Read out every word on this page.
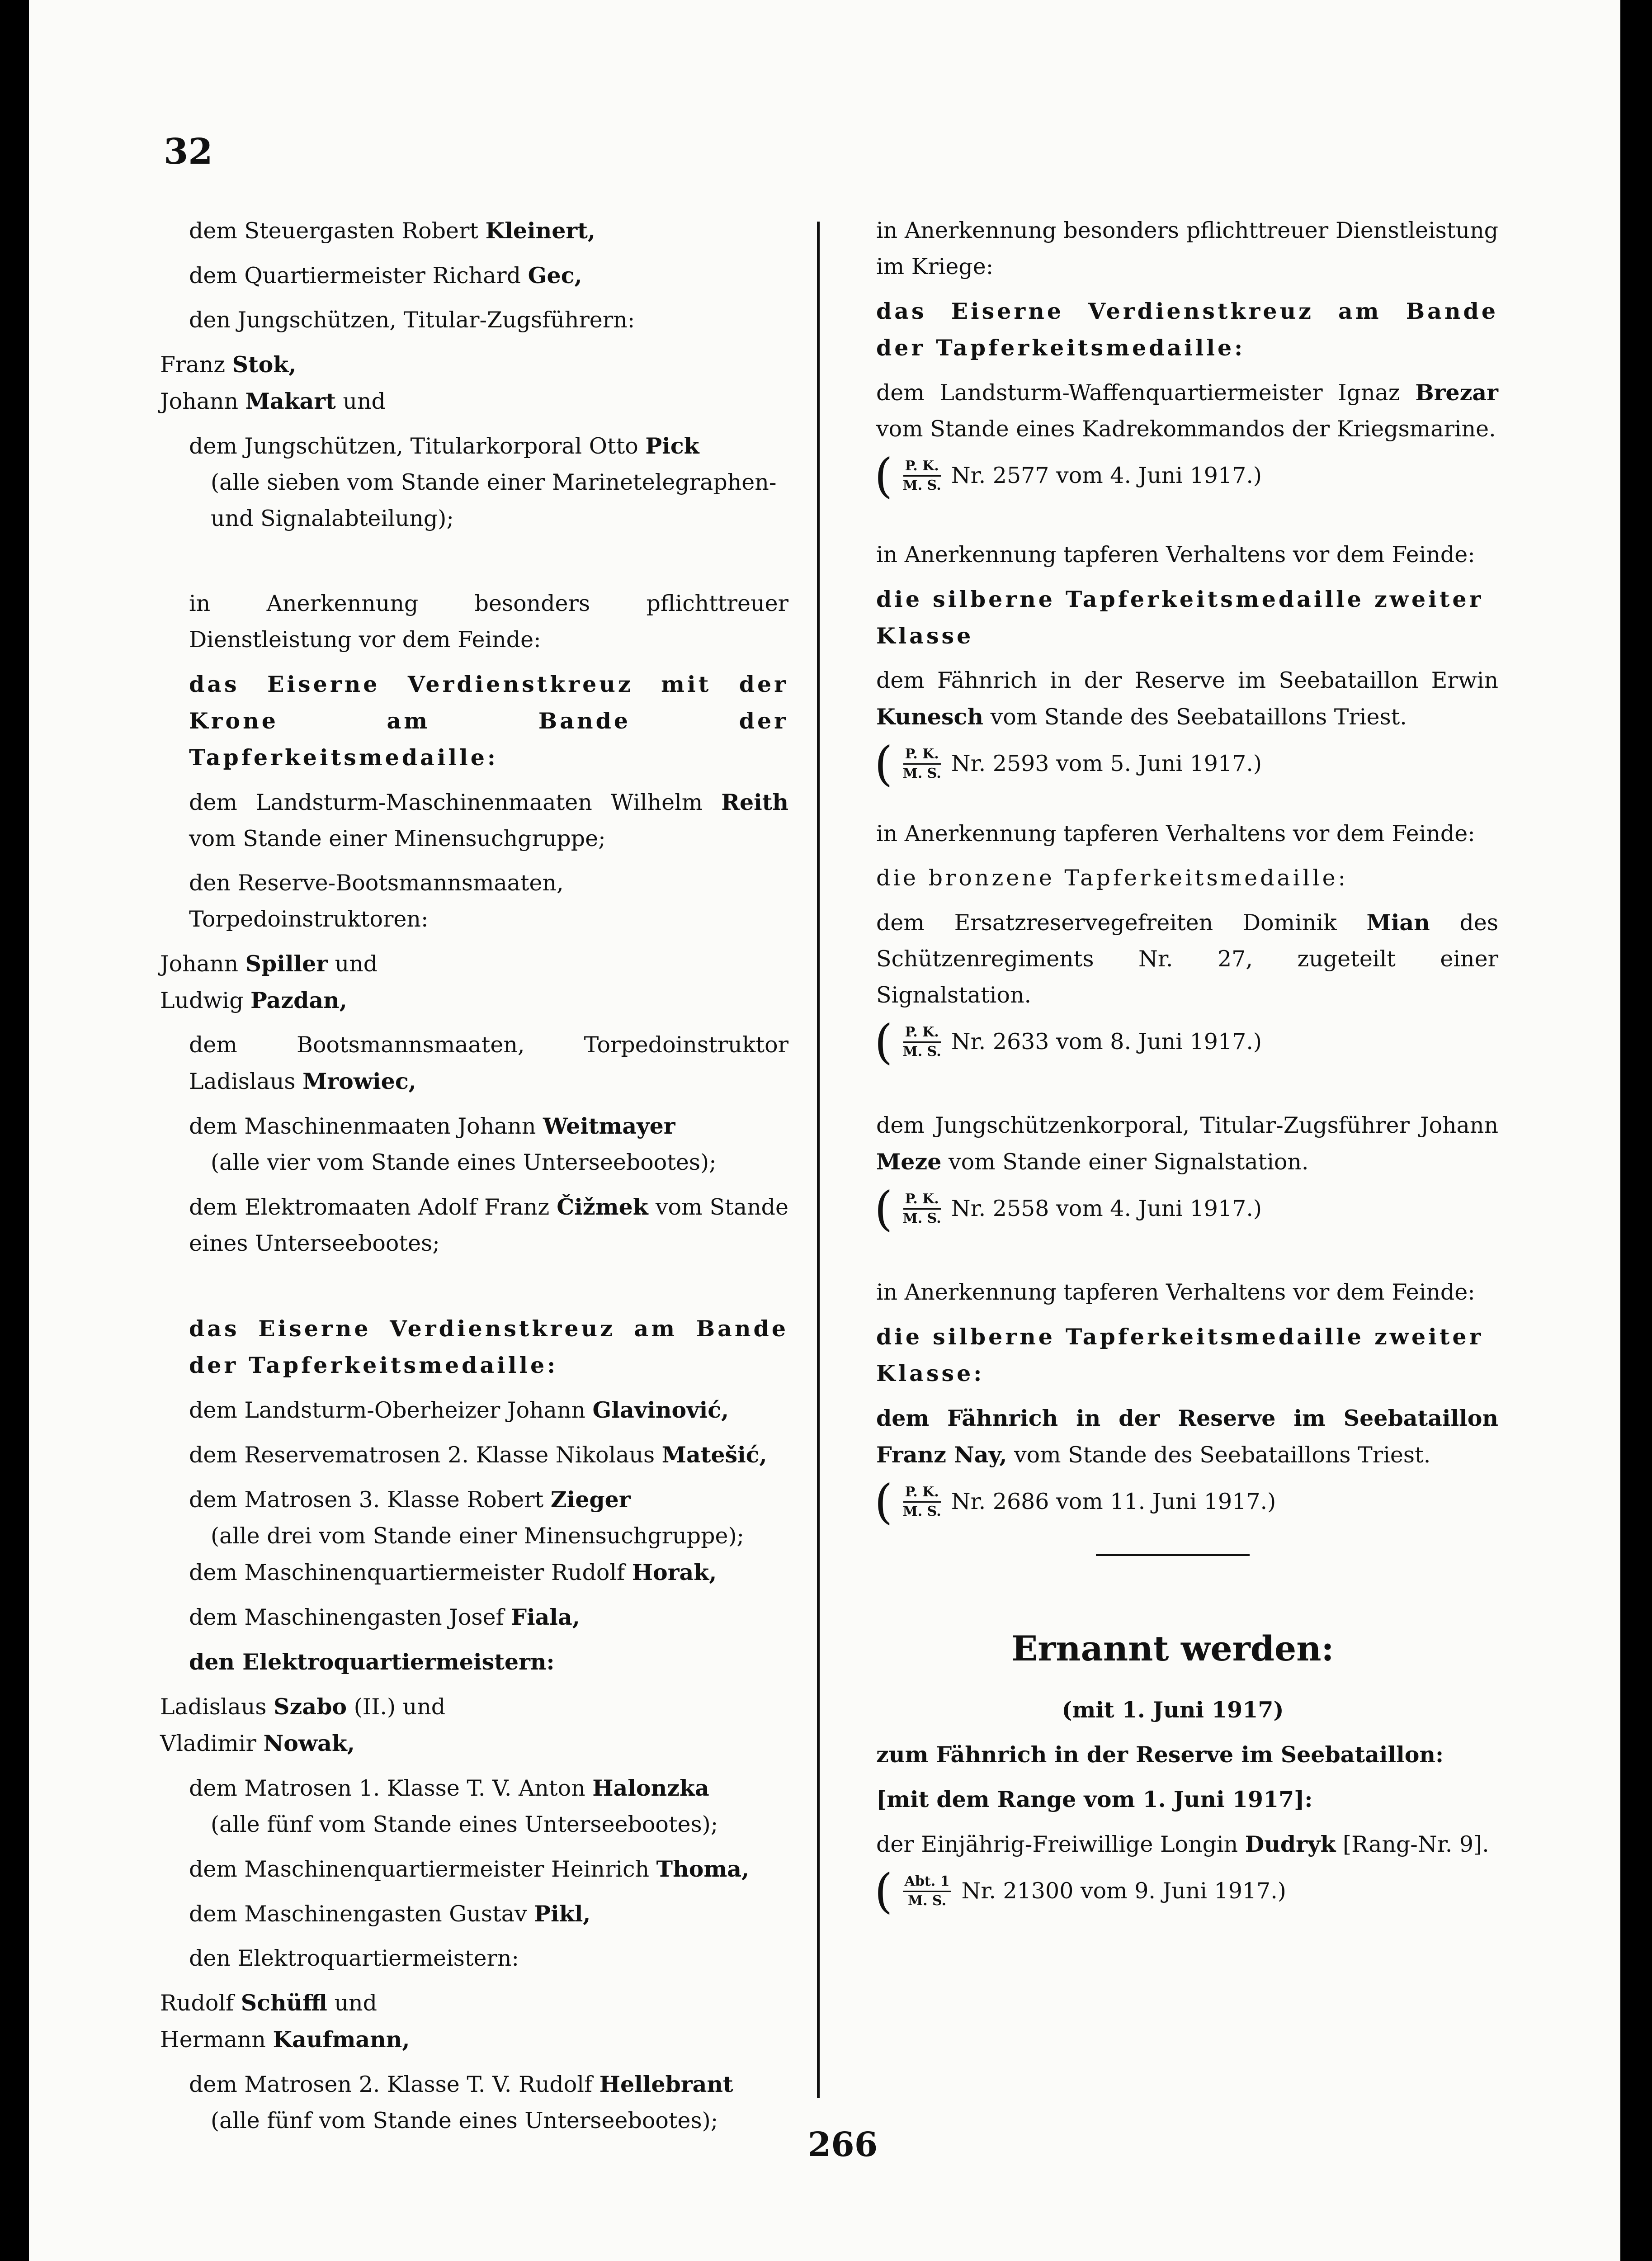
32

dem Steuergasten Robert Kleinert,

dem Quartiermeister Richard Gec,

den Jungschützen, Titular-Zugsführern:

Franz Stok,

Johann Makart und

dem Jungschützen, Titularkorporal Otto Pick

(alle sieben vom Stande einer Marinetelegraphen- und Signalabteilung);

in Anerkennung besonders pflichttreuer Dienstleistung vor dem Feinde:

das Eiserne Verdienstkreuz mit der Krone am Bande der Tapferkeitsmedaille:

dem Landsturm-Maschinenmaaten Wilhelm Reith vom Stande einer Minensuchgruppe;

den Reserve-Bootsmannsmaaten, Torpedoinstruktoren:

Johann Spiller und

Ludwig Pazdan,

dem Bootsmannsmaaten, Torpedoinstruktor Ladislaus Mrowiec,

dem Maschinenmaaten Johann Weitmayer

(alle vier vom Stande eines Unterseebootes);

dem Elektromaaten Adolf Franz Čižmek vom Stande eines Unterseebootes;

das Eiserne Verdienstkreuz am Bande der Tapferkeitsmedaille:

dem Landsturm-Oberheizer Johann Glavinović,

dem Reservematrosen 2. Klasse Nikolaus Matešić,

dem Matrosen 3. Klasse Robert Zieger

(alle drei vom Stande einer Minensuchgruppe);

dem Maschinenquartiermeister Rudolf Horak,

dem Maschinengasten Josef Fiala,

den Elektroquartiermeistern:

Ladislaus Szabo (II.) und

Vladimir Nowak,

dem Matrosen 1. Klasse T. V. Anton Halonzka

(alle fünf vom Stande eines Unterseebootes);

dem Maschinenquartiermeister Heinrich Thoma,

dem Maschinengasten Gustav Pikl,

den Elektroquartiermeistern:

Rudolf Schüffl und

Hermann Kaufmann,

dem Matrosen 2. Klasse T. V. Rudolf Hellebrant

(alle fünf vom Stande eines Unterseebootes);

in Anerkennung besonders pflichttreuer Dienstleistung im Kriege:

das Eiserne Verdienstkreuz am Bande der Tapferkeitsmedaille:

dem Landsturm-Waffenquartiermeister Ignaz Brezar vom Stande eines Kadrekommandos der Kriegsmarine.

( $\frac{P. K.}{M. S.} Nr$. 2577 vom 4. Juni 1917.)

in Anerkennung tapferen Verhaltens vor dem Feinde:

die silberne Tapferkeitsmedaille zweiter Klasse

dem Fähnrich in der Reserve im Seebataillon Erwin Kunesch vom Stande des Seebataillons Triest.

( $\frac{P. K.}{M. S.} Nr$. 2593 vom 5. Juni 1917.)

in Anerkennung tapferen Verhaltens vor dem Feinde:

die bronzene Tapferkeitsmedaille:

dem Ersatzreservegefreiten Dominik Mian des Schützenregiments Nr. 27, zugeteilt einer Signalstation.

( $\frac{P. K.}{M. S.} Nr$. 2633 vom 8. Juni 1917.)

dem Jungschützenkorporal, Titular-Zugsführer Johann Meze vom Stande einer Signalstation.

( $\frac{P. K.}{M. S.} Nr$. 2558 vom 4. Juni 1917.)

in Anerkennung tapferen Verhaltens vor dem Feinde:

die silberne Tapferkeitsmedaille zweiter Klasse:

dem Fähnrich in der Reserve im Seebataillon Franz Nay, vom Stande des Seebataillons Triest.

( $\frac{P. K.}{M. S.} Nr$. 2686 vom 11. Juni 1917.)
Ernannt werden:

(mit 1. Juni 1917)

zum Fähnrich in der Reserve im Seebataillon:

[mit dem Range vom 1. Juni 1917]:

der Einjährig-Freiwillige Longin Dudryk [Rang-Nr. 9].

( $\frac{\text{Abt. 1}}{M. S.} Nr$. 21300 vom 9. Juni 1917.)
266
